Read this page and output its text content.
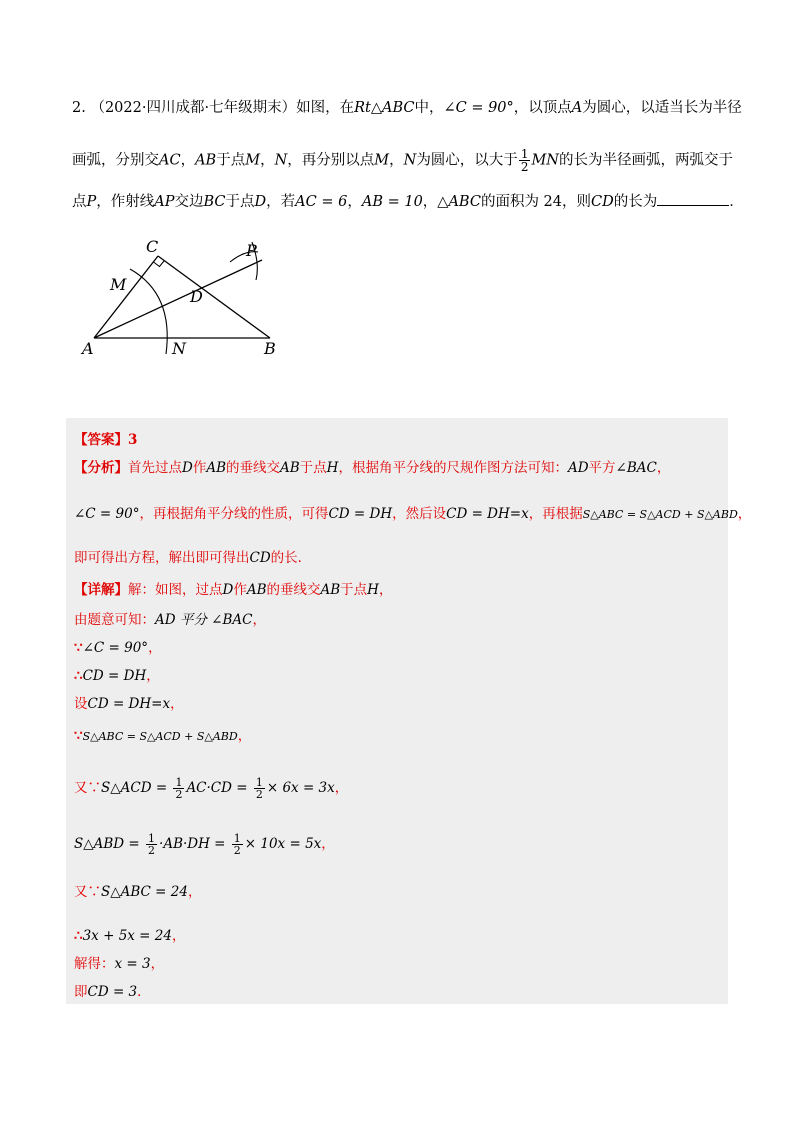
2. （2022·四川成都·七年级期末）如图，在Rt△ABC中，∠C = 90°，以顶点A为圆心，以适当长为半径
画弧，分别交AC，AB于点M，N，再分别以点M，N为圆心，以大于 $\frac{1}{2}$ MN的长为半径画弧，两弧交于
点P，作射线AP交边BC于点D，若AC = 6，AB = 10，△ABC的面积为 24，则CD的长为	．
C
M
D
P
A	N	B
【答案】3
【分析】首先过点D作AB的垂线交AB于点H，根据角平分线的尺规作图方法可知：AD平方∠BAC，
∠C = 90°，再根据角平分线的性质，可得CD = DH，然后设CD = DH=x，再根据S△ABC = S△ACD + S△ABD，
即可得出方程，解出即可得出CD的长．
【详解】解：如图，过点D作AB的垂线交AB于点H，
由题意可知：AD 平分 ∠BAC，
∵∠C = 90°，
∴CD = DH，
设CD = DH=x，
∵S△ABC = S△ACD + S△ABD，
又∵S△ACD = $\frac{1}{2} AC\cdot CD = \frac{1}{2} \times 6x = 3x$，
S△ABD = $\frac{1}{2} \cdot AB\cdot DH = \frac{1}{2} \times 10x = 5x$，
又∵S△ABC = 24，
∴3x + 5x = 24，
解得：x = 3，
即CD = 3．
